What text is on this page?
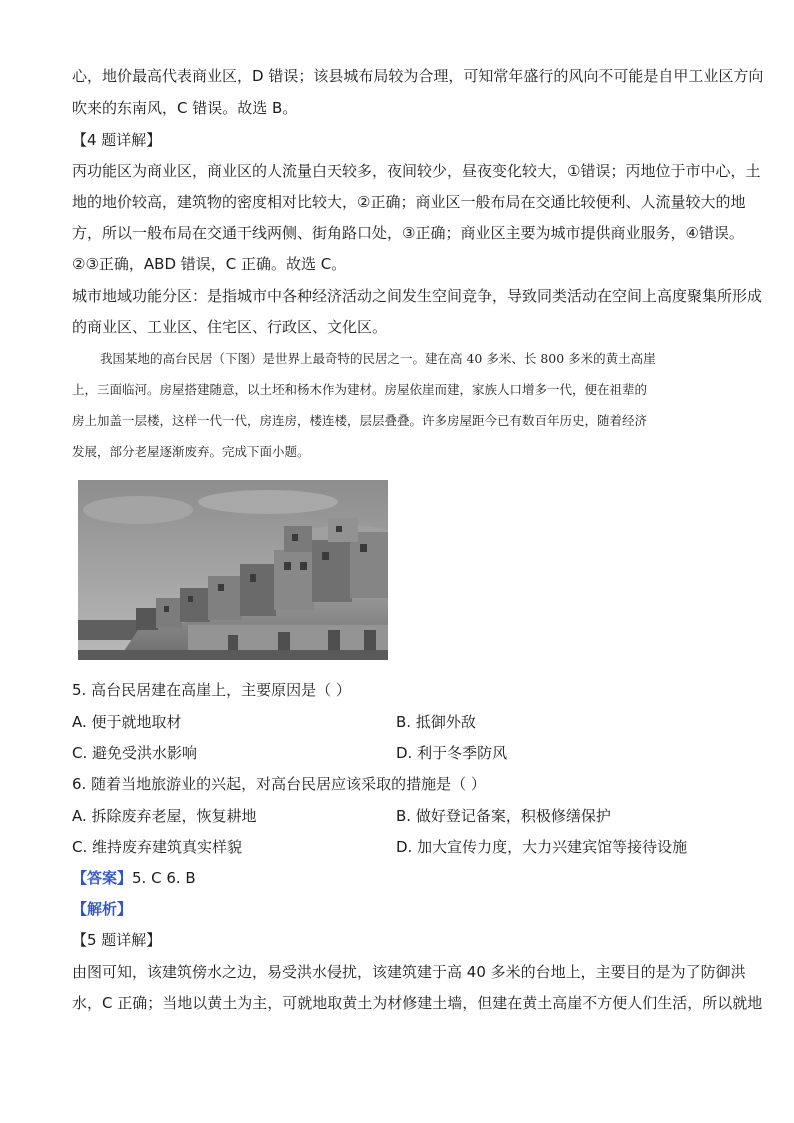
心，地价最高代表商业区，D 错误；该县城布局较为合理，可知常年盛行的风向不可能是自甲工业区方向
吹来的东南风，C 错误。故选 B。
【4 题详解】
丙功能区为商业区，商业区的人流量白天较多，夜间较少，昼夜变化较大，①错误；丙地位于市中心，土
地的地价较高，建筑物的密度相对比较大，②正确；商业区一般布局在交通比较便利、人流量较大的地
方，所以一般布局在交通干线两侧、街角路口处，③正确；商业区主要为城市提供商业服务，④错误。
②③正确，ABD 错误，C 正确。故选 C。
城市地域功能分区：是指城市中各种经济活动之间发生空间竞争，导致同类活动在空间上高度聚集所形成
的商业区、工业区、住宅区、行政区、文化区。
我国某地的高台民居（下图）是世界上最奇特的民居之一。建在高 40 多米、长 800 多米的黄土高崖
上，三面临河。房屋搭建随意，以土坯和杨木作为建材。房屋依崖而建，家族人口增多一代，便在祖辈的
房上加盖一层楼，这样一代一代，房连房，楼连楼，层层叠叠。许多房屋距今已有数百年历史，随着经济
发展，部分老屋逐渐废弃。完成下面小题。
5. 高台民居建在高崖上，主要原因是（ ）
A. 便于就地取材	B. 抵御外敌
C. 避免受洪水影响	D. 利于冬季防风
6. 随着当地旅游业的兴起，对高台民居应该采取的措施是（ ）
A. 拆除废弃老屋，恢复耕地	B. 做好登记备案，积极修缮保护
C. 维持废弃建筑真实样貌	D. 加大宣传力度，大力兴建宾馆等接待设施
【答案】5. C 6. B
【解析】
【5 题详解】
由图可知，该建筑傍水之边，易受洪水侵扰，该建筑建于高 40 多米的台地上，主要目的是为了防御洪
水，C 正确；当地以黄土为主，可就地取黄土为材修建土墙，但建在黄土高崖不方便人们生活，所以就地
